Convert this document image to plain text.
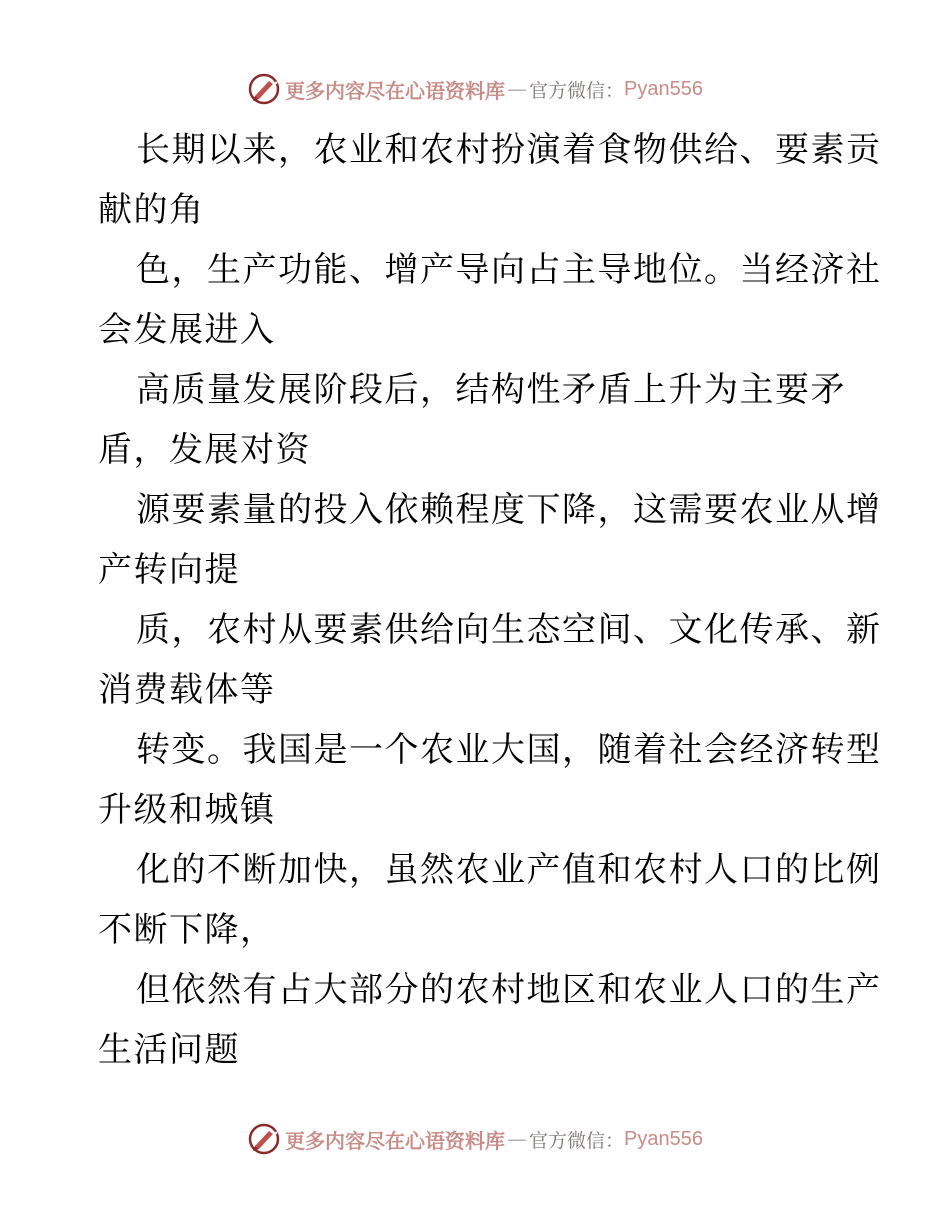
更多内容尽在心语资料库 — 官方微信： Pyan556

长期以来，农业和农村扮演着食物供给、要素贡
献的角

色，生产功能、增产导向占主导地位。当经济社
会发展进入

高质量发展阶段后，结构性矛盾上升为主要矛
盾，发展对资

源要素量的投入依赖程度下降，这需要农业从增
产转向提

质，农村从要素供给向生态空间、文化传承、新
消费载体等

转变。我国是一个农业大国，随着社会经济转型
升级和城镇

化的不断加快，虽然农业产值和农村人口的比例
不断下降，

但依然有占大部分的农村地区和农业人口的生产
生活问题

更多内容尽在心语资料库 — 官方微信： Pyan556
